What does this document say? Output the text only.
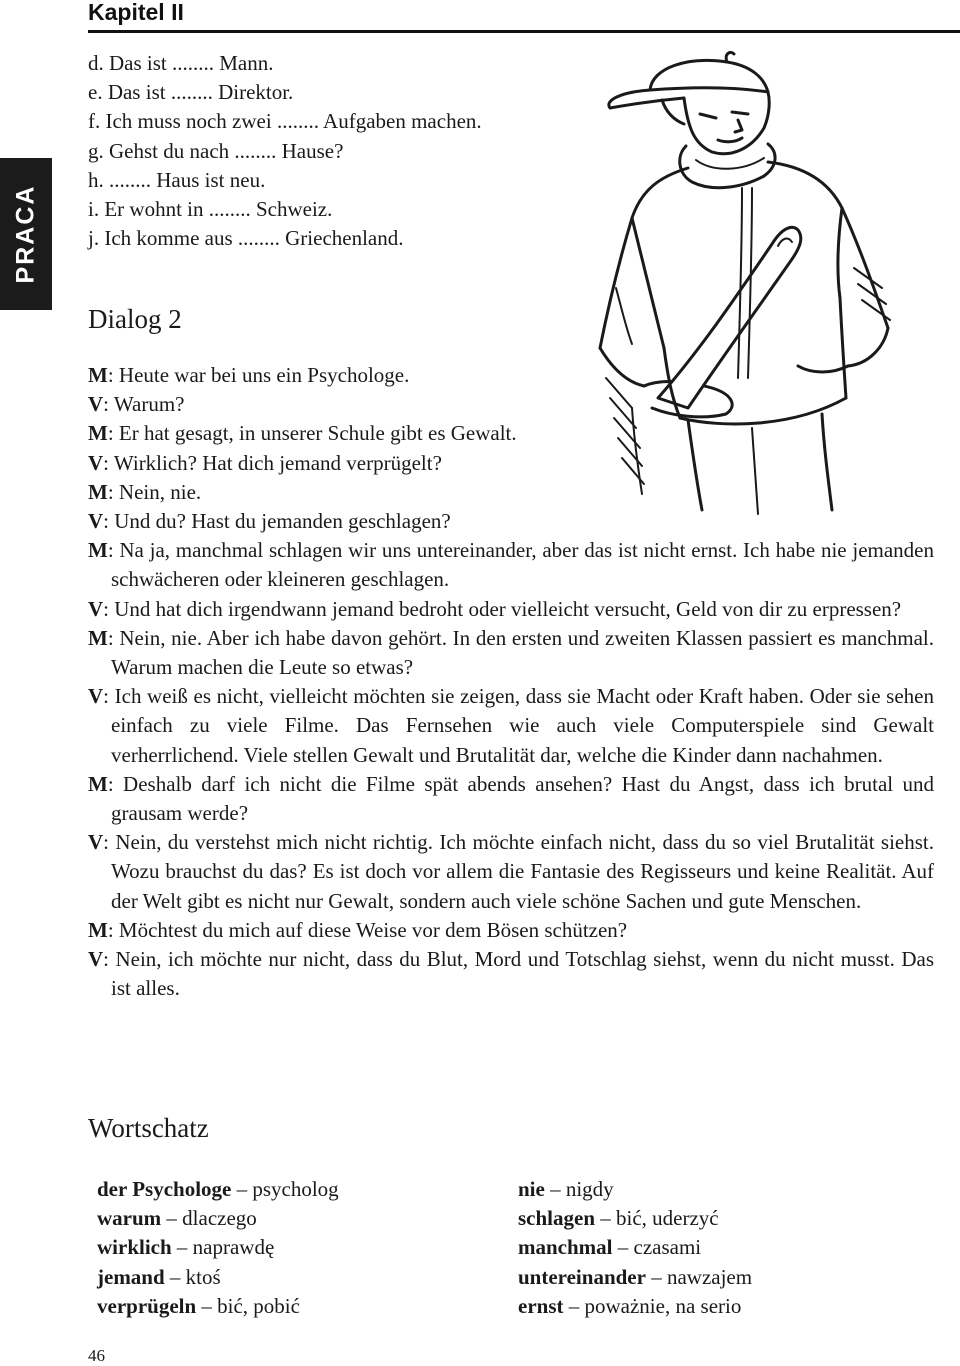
Kapitel II
PRACA
d. Das ist ........ Mann.
e. Das ist ........ Direktor.
f. Ich muss noch zwei ........ Aufgaben machen.
g. Gehst du nach ........ Hause?
h. ........ Haus ist neu.
i. Er wohnt in ........ Schweiz.
j. Ich komme aus ........ Griechenland.
Dialog 2
M: Heute war bei uns ein Psychologe.
V: Warum?
M: Er hat gesagt, in unserer Schule gibt es Gewalt.
V: Wirklich? Hat dich jemand verprügelt?
M: Nein, nie.
V: Und du? Hast du jemanden geschlagen?
M: Na ja, manchmal schlagen wir uns untereinander, aber das ist nicht ernst. Ich habe nie jemanden schwächeren oder kleineren geschlagen.
V: Und hat dich irgendwann jemand bedroht oder vielleicht versucht, Geld von dir zu erpressen?
M: Nein, nie. Aber ich habe davon gehört. In den ersten und zweiten Klassen passiert es manchmal. Warum machen die Leute so etwas?
V: Ich weiß es nicht, vielleicht möchten sie zeigen, dass sie Macht oder Kraft haben. Oder sie sehen einfach zu viele Filme. Das Fernsehen wie auch viele Computerspiele sind Gewalt verherrlichend. Viele stellen Gewalt und Brutalität dar, welche die Kinder dann nachahmen.
M: Deshalb darf ich nicht die Filme spät abends ansehen? Hast du Angst, dass ich brutal und grausam werde?
V: Nein, du verstehst mich nicht richtig. Ich möchte einfach nicht, dass du so viel Brutalität siehst. Wozu brauchst du das? Es ist doch vor allem die Fantasie des Regisseurs und keine Realität. Auf der Welt gibt es nicht nur Gewalt, sondern auch viele schöne Sachen und gute Menschen.
M: Möchtest du mich auf diese Weise vor dem Bösen schützen?
V: Nein, ich möchte nur nicht, dass du Blut, Mord und Totschlag siehst, wenn du nicht musst. Das ist alles.
Wortschatz
der Psychologe – psycholog
warum – dlaczego
wirklich – naprawdę
jemand – ktoś
verprügeln – bić, pobić
nie – nigdy
schlagen – bić, uderzyć
manchmal – czasami
untereinander – nawzajem
ernst – poważnie, na serio
46
